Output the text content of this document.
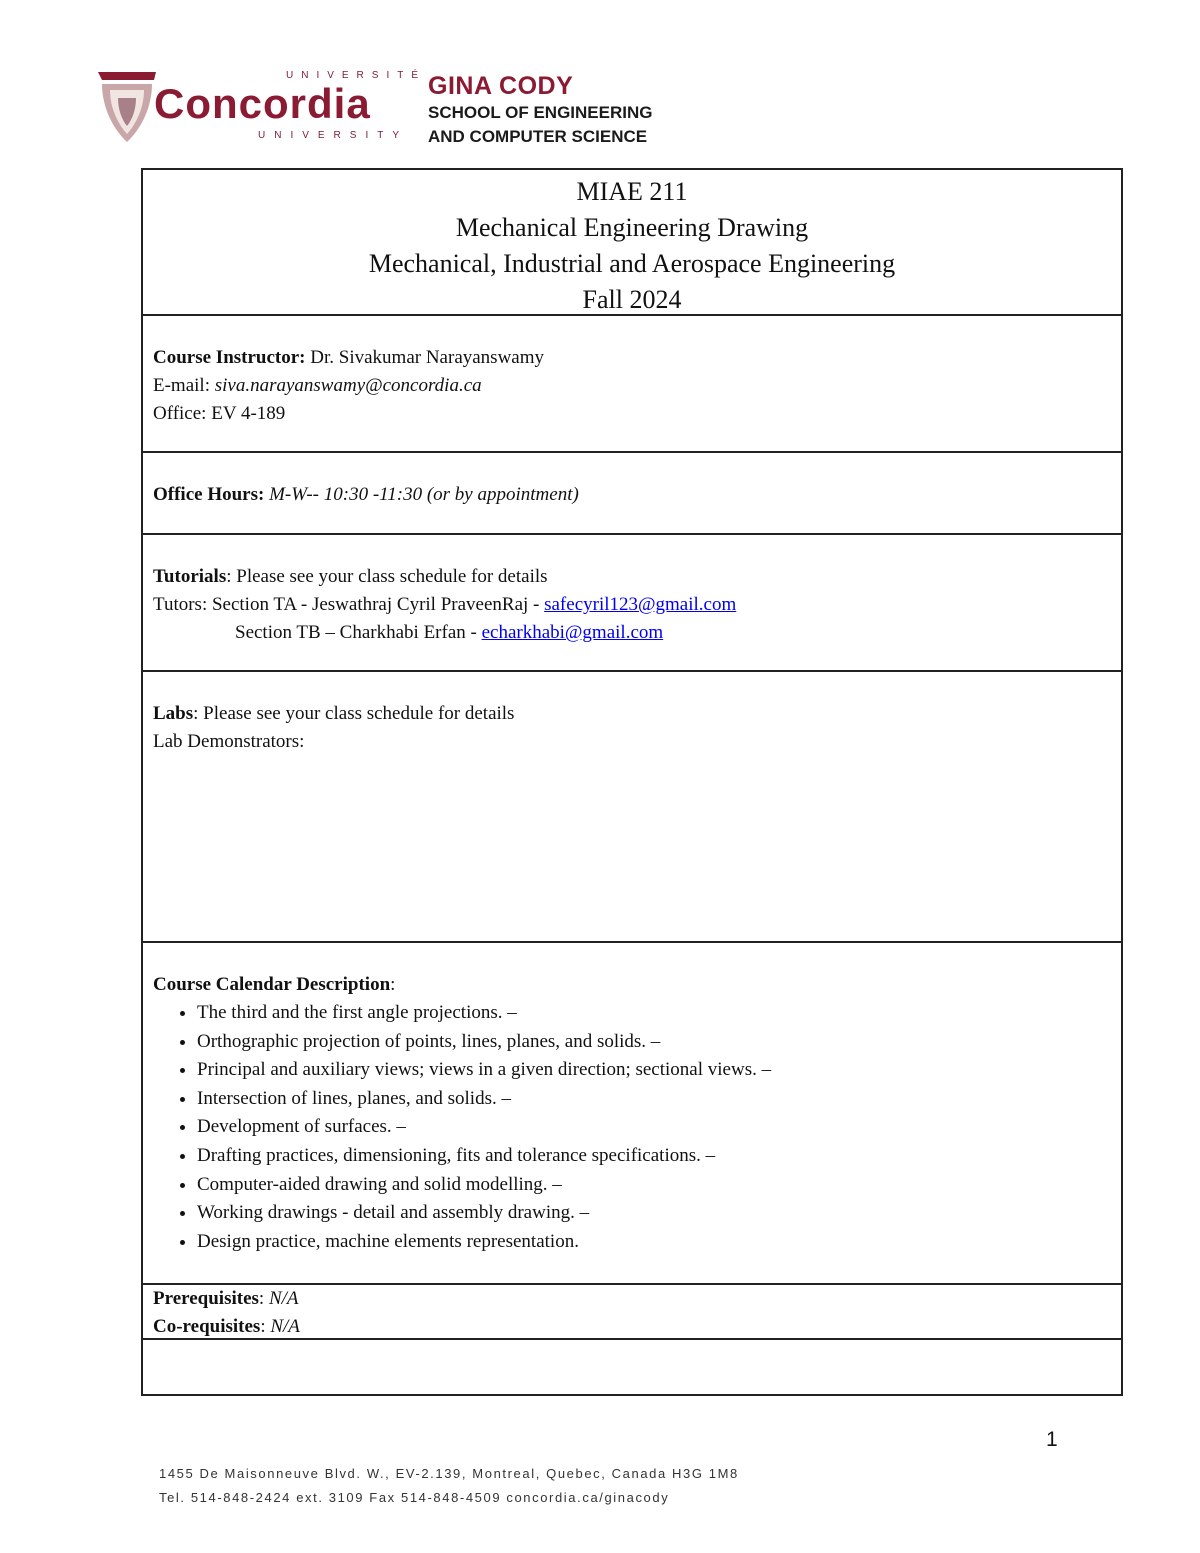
UNIVERSITÉ
Concordia
UNIVERSITY
GINA CODY
SCHOOL OF ENGINEERING
AND COMPUTER SCIENCE
MIAE 211
Mechanical Engineering Drawing
Mechanical, Industrial and Aerospace Engineering
Fall 2024
Course Instructor: Dr. Sivakumar Narayanswamy
E-mail: siva.narayanswamy@concordia.ca
Office: EV 4-189
Office Hours: M-W-- 10:30 -11:30 (or by appointment)
Tutorials: Please see your class schedule for details
Tutors: Section TA - Jeswathraj Cyril PraveenRaj - safecyril123@gmail.com
Section TB – Charkhabi Erfan - echarkhabi@gmail.com
Labs: Please see your class schedule for details
Lab Demonstrators:
Course Calendar Description:
• The third and the first angle projections. –
• Orthographic projection of points, lines, planes, and solids. –
• Principal and auxiliary views; views in a given direction; sectional views. –
• Intersection of lines, planes, and solids. –
• Development of surfaces. –
• Drafting practices, dimensioning, fits and tolerance specifications. –
• Computer-aided drawing and solid modelling. –
• Working drawings - detail and assembly drawing. –
• Design practice, machine elements representation.
Prerequisites: N/A
Co-requisites: N/A
1
1455 De Maisonneuve Blvd. W., EV-2.139, Montreal, Quebec, Canada H3G 1M8
Tel. 514-848-2424 ext. 3109 Fax 514-848-4509 concordia.ca/ginacody
